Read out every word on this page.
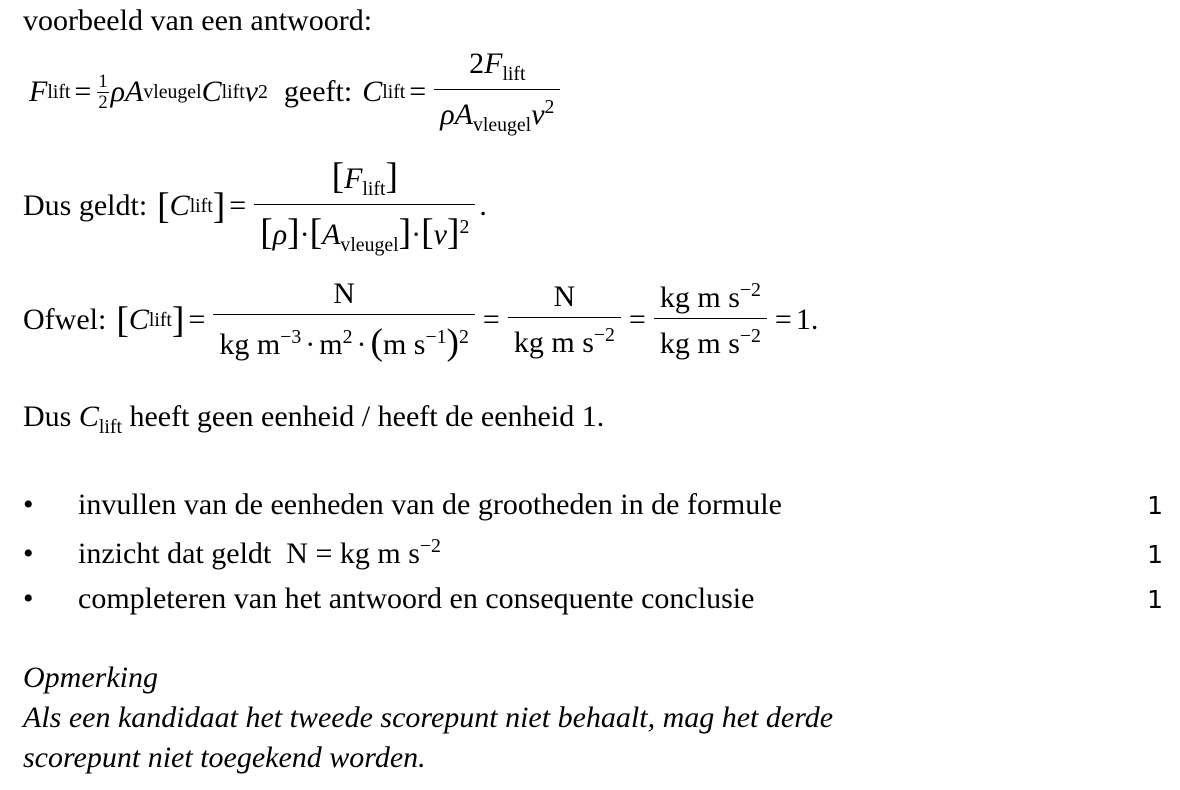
voorbeeld van een antwoord:
F lift = $\frac{1}{2}$ ρ A vleugel C lift v 2 geeft: C lift = $\frac{2F_{lift}}{\rho A_{vleugel}v^2}$
Dus geldt: [ C lift ] = $\frac{[F_{lift}]}{[\rho]\cdot[A_{vleugel}]\cdot[v]^2}$ .
Ofwel: [ C lift ] = $\frac{N}{kg m^{-3} \cdot m^2 \cdot (m s^{-1})^2} = \frac{N}{kg m s^{-2}} = \frac{kg m s^{-2}}{kg m s^{-2}} = 1$.
Dus $C_{lift}$ heeft geen eenheid / heeft de eenheid 1.
•	invullen van de eenheden van de grootheden in de formule	1
•	inzicht dat geldt N = kg m $s^{-2}$	1
•	completeren van het antwoord en consequente conclusie	1
Opmerking
Als een kandidaat het tweede scorepunt niet behaalt, mag het derde
scorepunt niet toegekend worden.
